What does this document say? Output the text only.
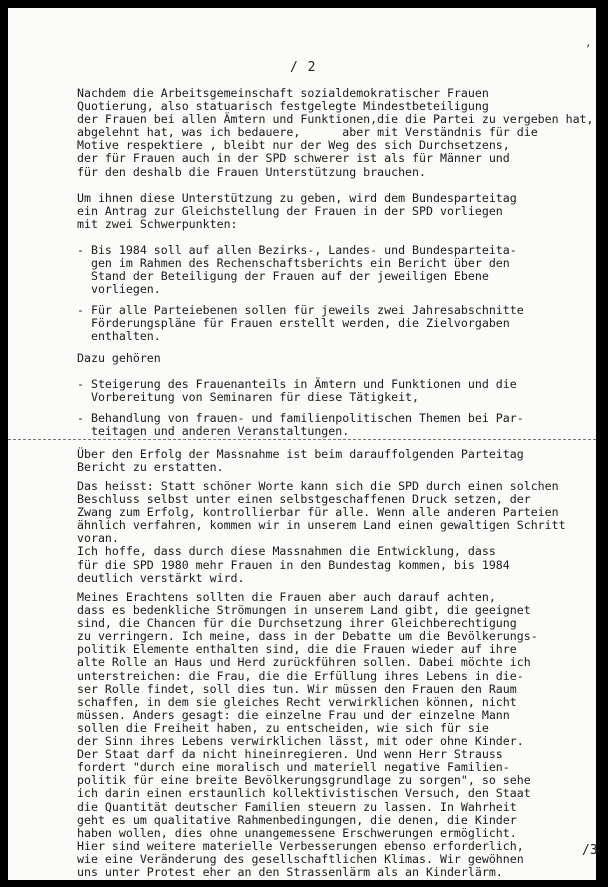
/ 2
’
Nachdem die Arbeitsgemeinschaft sozialdemokratischer Frauen
Quotierung, also statuarisch festgelegte Mindestbeteiligung
der Frauen bei allen Ämtern und Funktionen,die die Partei zu vergeben hat,
abgelehnt hat, was ich bedauere,      aber mit Verständnis für die
Motive respektiere , bleibt nur der Weg des sich Durchsetzens,
der für Frauen auch in der SPD schwerer ist als für Männer und
für den deshalb die Frauen Unterstützung brauchen.
Um ihnen diese Unterstützung zu geben, wird dem Bundesparteitag
ein Antrag zur Gleichstellung der Frauen in der SPD vorliegen
mit zwei Schwerpunkten:
- Bis 1984 soll auf allen Bezirks-, Landes- und Bundesparteita-
gen im Rahmen des Rechenschaftsberichts ein Bericht über den
Stand der Beteiligung der Frauen auf der jeweiligen Ebene
vorliegen.
- Für alle Parteiebenen sollen für jeweils zwei Jahresabschnitte
Förderungspläne für Frauen erstellt werden, die Zielvorgaben
enthalten.
Dazu gehören
- Steigerung des Frauenanteils in Ämtern und Funktionen und die
Vorbereitung von Seminaren für diese Tätigkeit,
- Behandlung von frauen- und familienpolitischen Themen bei Par-
teitagen und anderen Veranstaltungen.
Über den Erfolg der Massnahme ist beim darauffolgenden Parteitag
Bericht zu erstatten.
Das heisst: Statt schöner Worte kann sich die SPD durch einen solchen
Beschluss selbst unter einen selbstgeschaffenen Druck setzen, der
Zwang zum Erfolg, kontrollierbar für alle. Wenn alle anderen Parteien
ähnlich verfahren, kommen wir in unserem Land einen gewaltigen Schritt
voran.
Ich hoffe, dass durch diese Massnahmen die Entwicklung, dass
für die SPD 1980 mehr Frauen in den Bundestag kommen, bis 1984
deutlich verstärkt wird.
Meines Erachtens sollten die Frauen aber auch darauf achten,
dass es bedenkliche Strömungen in unserem Land gibt, die geeignet
sind, die Chancen für die Durchsetzung ihrer Gleichberechtigung
zu verringern. Ich meine, dass in der Debatte um die Bevölkerungs-
politik Elemente enthalten sind, die die Frauen wieder auf ihre
alte Rolle an Haus und Herd zurückführen sollen. Dabei möchte ich
unterstreichen: die Frau, die die Erfüllung ihres Lebens in die-
ser Rolle findet, soll dies tun. Wir müssen den Frauen den Raum
schaffen, in dem sie gleiches Recht verwirklichen können, nicht
müssen. Anders gesagt: die einzelne Frau und der einzelne Mann
sollen die Freiheit haben, zu entscheiden, wie sich für sie
der Sinn ihres Lebens verwirklichen lässt, mit oder ohne Kinder.
Der Staat darf da nicht hineinregieren. Und wenn Herr Strauss
fordert "durch eine moralisch und materiell negative Familien-
politik für eine breite Bevölkerungsgrundlage zu sorgen", so sehe
ich darin einen erstaunlich kollektivistischen Versuch, den Staat
die Quantität deutscher Familien steuern zu lassen. In Wahrheit
geht es um qualitative Rahmenbedingungen, die denen, die Kinder
haben wollen, dies ohne unangemessene Erschwerungen ermöglicht.
Hier sind weitere materielle Verbesserungen ebenso erforderlich,
wie eine Veränderung des gesellschaftlichen Klimas. Wir gewöhnen
uns unter Protest eher an den Strassenlärm als an Kinderlärm.
/3
